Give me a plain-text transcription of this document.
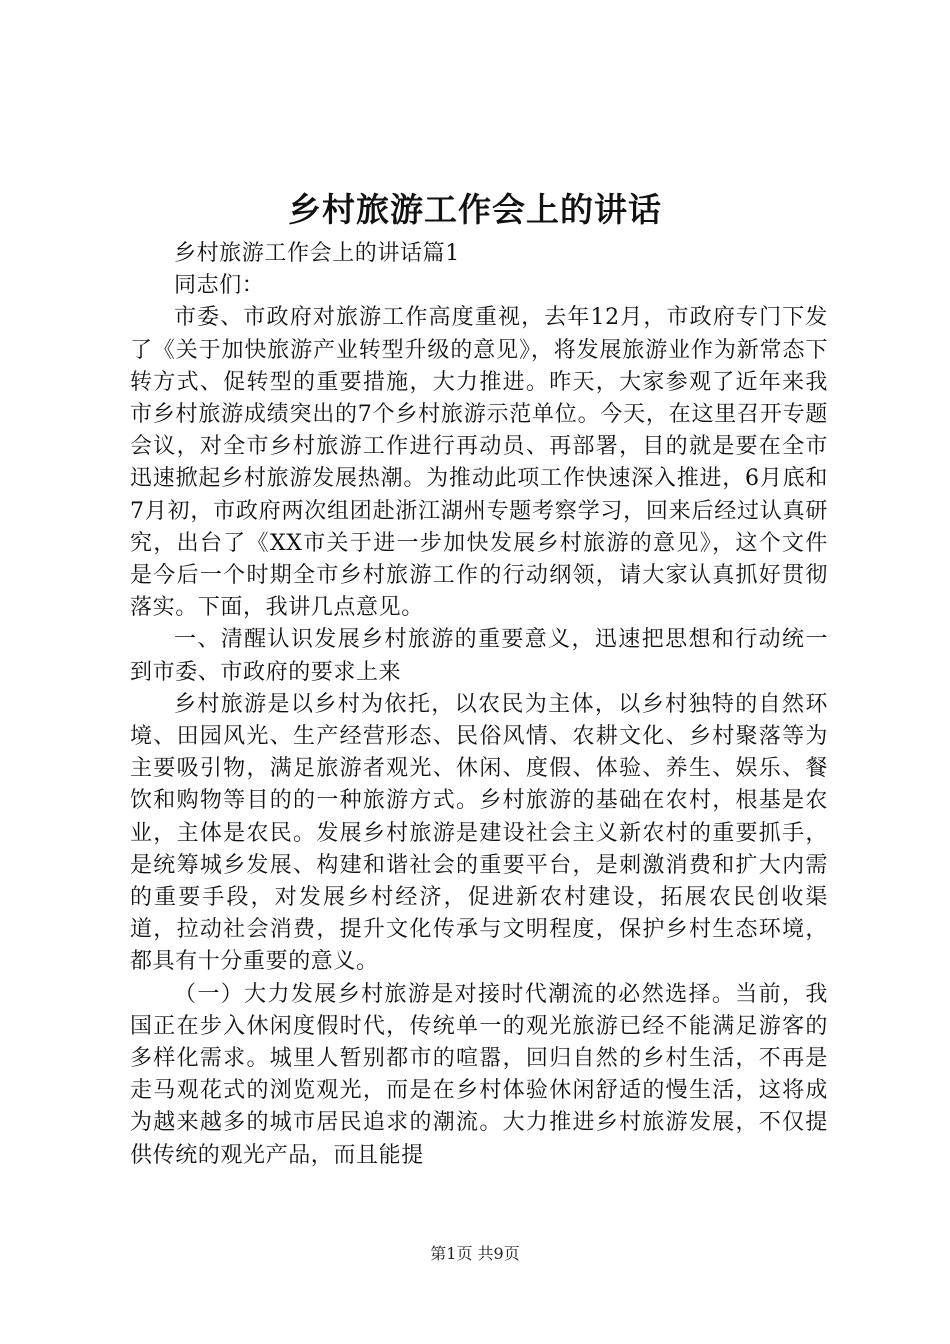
乡村旅游工作会上的讲话

乡村旅游工作会上的讲话篇1

同志们：

市委、市政府对旅游工作高度重视，去年12月，市政府专门下发了《关于加快旅游产业转型升级的意见》，将发展旅游业作为新常态下转方式、促转型的重要措施，大力推进。昨天，大家参观了近年来我市乡村旅游成绩突出的7个乡村旅游示范单位。今天，在这里召开专题会议，对全市乡村旅游工作进行再动员、再部署，目的就是要在全市迅速掀起乡村旅游发展热潮。为推动此项工作快速深入推进，6月底和7月初，市政府两次组团赴浙江湖州专题考察学习，回来后经过认真研究，出台了《XX市关于进一步加快发展乡村旅游的意见》，这个文件是今后一个时期全市乡村旅游工作的行动纲领，请大家认真抓好贯彻落实。下面，我讲几点意见。

一、清醒认识发展乡村旅游的重要意义，迅速把思想和行动统一到市委、市政府的要求上来

乡村旅游是以乡村为依托，以农民为主体，以乡村独特的自然环境、田园风光、生产经营形态、民俗风情、农耕文化、乡村聚落等为主要吸引物，满足旅游者观光、休闲、度假、体验、养生、娱乐、餐饮和购物等目的的一种旅游方式。乡村旅游的基础在农村，根基是农业，主体是农民。发展乡村旅游是建设社会主义新农村的重要抓手，是统筹城乡发展、构建和谐社会的重要平台，是刺激消费和扩大内需的重要手段，对发展乡村经济，促进新农村建设，拓展农民创收渠道，拉动社会消费，提升文化传承与文明程度，保护乡村生态环境，都具有十分重要的意义。

（一）大力发展乡村旅游是对接时代潮流的必然选择。当前，我国正在步入休闲度假时代，传统单一的观光旅游已经不能满足游客的多样化需求。城里人暂别都市的喧嚣，回归自然的乡村生活，不再是走马观花式的浏览观光，而是在乡村体验休闲舒适的慢生活，这将成为越来越多的城市居民追求的潮流。大力推进乡村旅游发展，不仅提供传统的观光产品，而且能提

第1页 共9页
